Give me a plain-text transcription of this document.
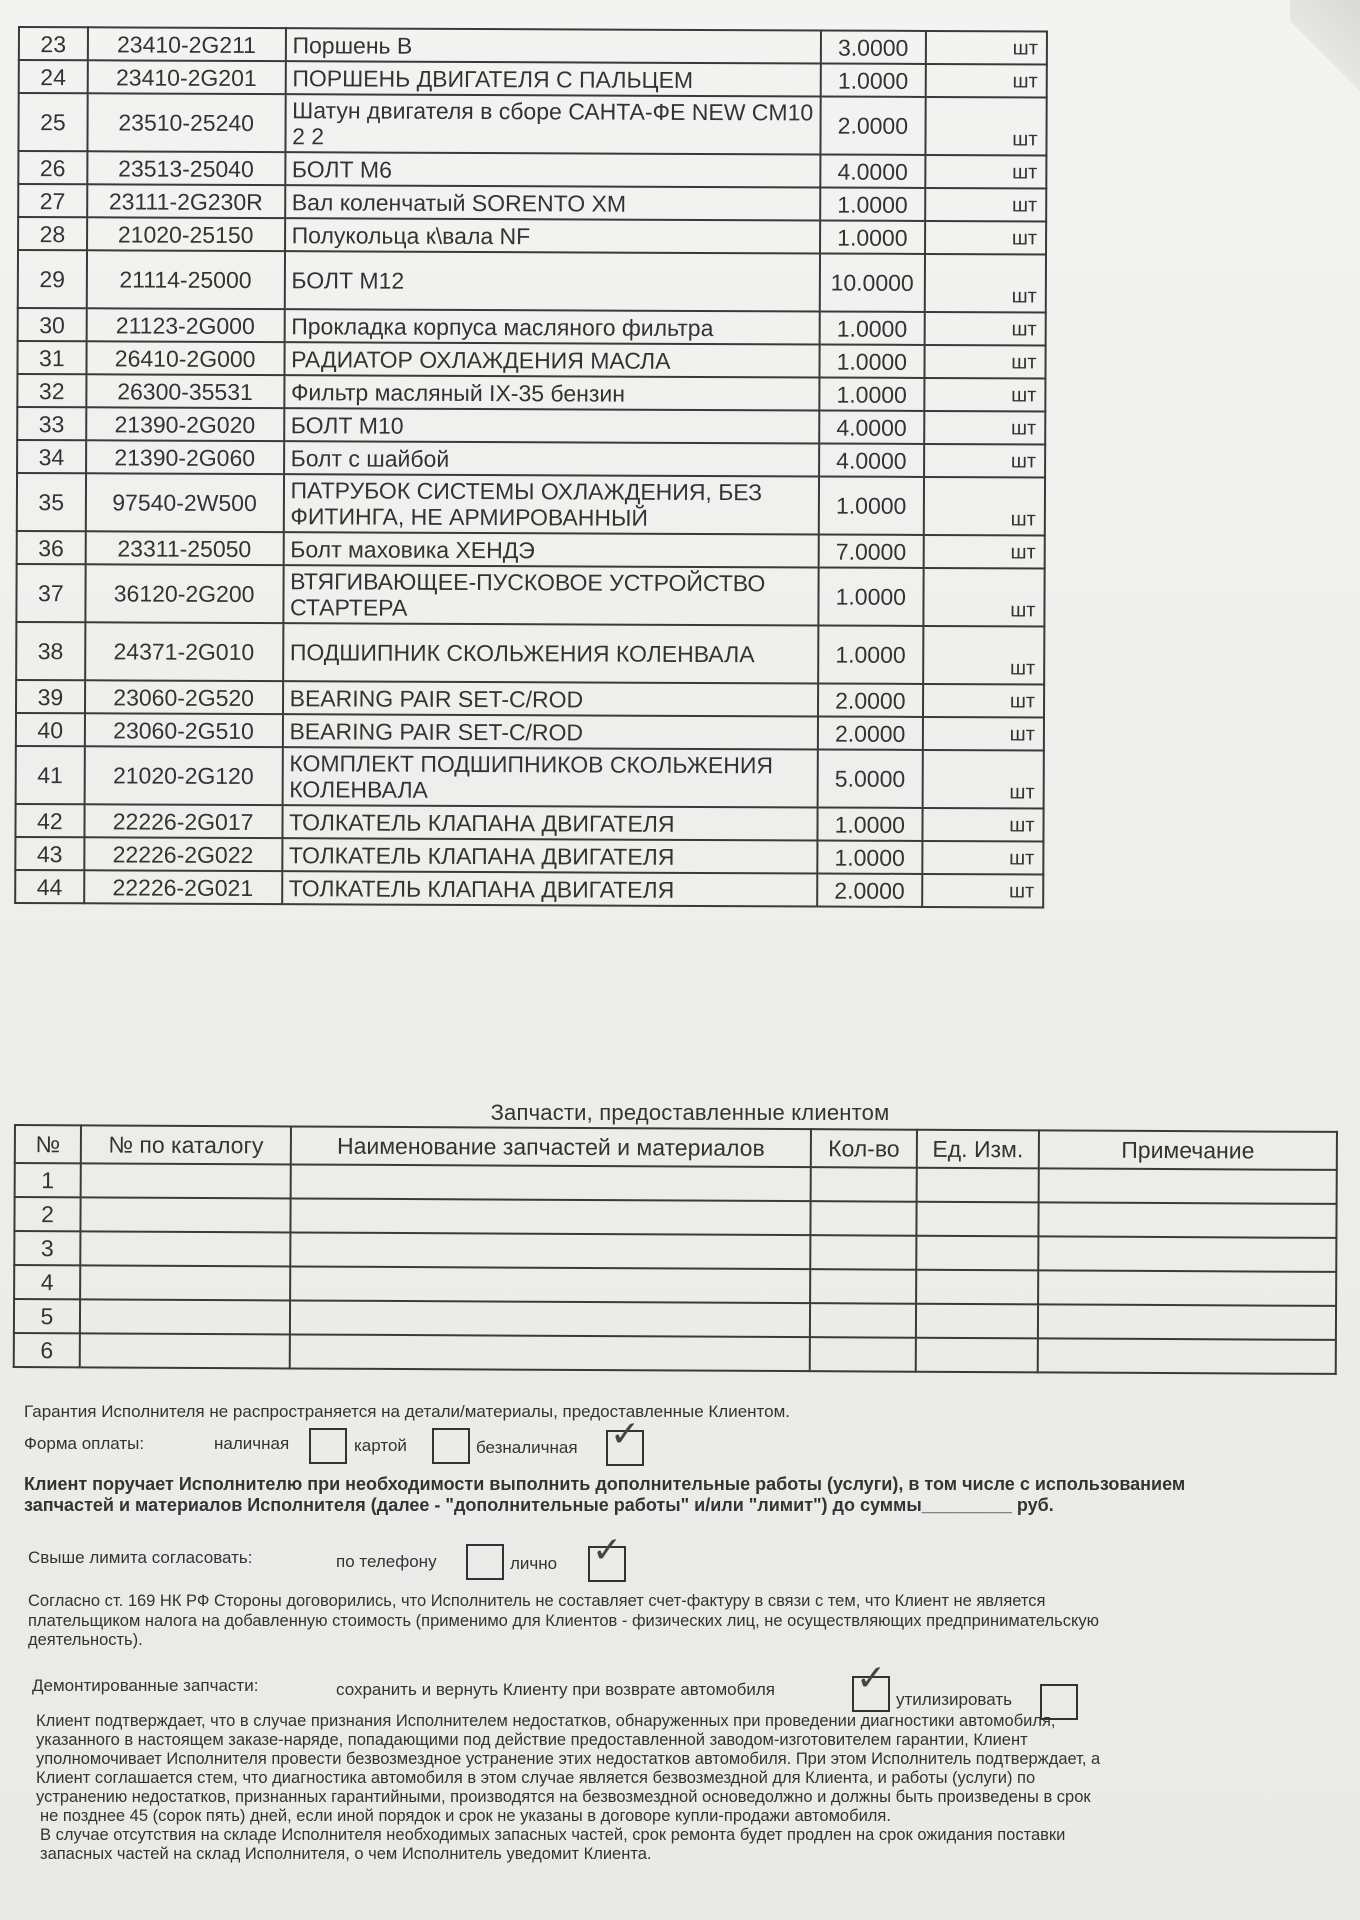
23	23410-2G211	Поршень В	3.0000	шт
24	23410-2G201	ПОРШЕНЬ ДВИГАТЕЛЯ С ПАЛЬЦЕМ	1.0000	шт
25	23510-25240	Шатун двигателя в сборе САНТА-ФЕ NEW CM10 2 2	2.0000	шт
26	23513-25040	БОЛТ М6	4.0000	шт
27	23111-2G230R	Вал коленчатый SORENTO XM	1.0000	шт
28	21020-25150	Полукольца к\вала NF	1.0000	шт
29	21114-25000	БОЛТ М12	10.0000	шт
30	21123-2G000	Прокладка корпуса масляного фильтра	1.0000	шт
31	26410-2G000	РАДИАТОР ОХЛАЖДЕНИЯ МАСЛА	1.0000	шт
32	26300-35531	Фильтр масляный IX-35 бензин	1.0000	шт
33	21390-2G020	БОЛТ М10	4.0000	шт
34	21390-2G060	Болт с шайбой	4.0000	шт
35	97540-2W500	ПАТРУБОК СИСТЕМЫ ОХЛАЖДЕНИЯ, БЕЗ ФИТИНГА, НЕ АРМИРОВАННЫЙ	1.0000	шт
36	23311-25050	Болт маховика ХЕНДЭ	7.0000	шт
37	36120-2G200	ВТЯГИВАЮЩЕЕ-ПУСКОВОЕ УСТРОЙСТВО СТАРТЕРА	1.0000	шт
38	24371-2G010	ПОДШИПНИК СКОЛЬЖЕНИЯ КОЛЕНВАЛА	1.0000	шт
39	23060-2G520	BEARING PAIR SET-C/ROD	2.0000	шт
40	23060-2G510	BEARING PAIR SET-C/ROD	2.0000	шт
41	21020-2G120	КОМПЛЕКТ ПОДШИПНИКОВ СКОЛЬЖЕНИЯ КОЛЕНВАЛА	5.0000	шт
42	22226-2G017	ТОЛКАТЕЛЬ КЛАПАНА ДВИГАТЕЛЯ	1.0000	шт
43	22226-2G022	ТОЛКАТЕЛЬ КЛАПАНА ДВИГАТЕЛЯ	1.0000	шт
44	22226-2G021	ТОЛКАТЕЛЬ КЛАПАНА ДВИГАТЕЛЯ	2.0000	шт
Запчасти, предоставленные клиентом
№	№ по каталогу	Наименование запчастей и материалов	Кол-во	Ед. Изм.	Примечание
1					
2					
3					
4					
5					
6					
Гарантия Исполнителя не распространяется на детали/материалы, предоставленные Клиентом.
Форма оплаты:	наличная	картой	безналичная ✓
Клиент поручает Исполнителю при необходимости выполнить дополнительные работы (услуги), в том числе с использованием
запчастей и материалов Исполнителя (далее - "дополнительные работы" и/или "лимит") до суммы_________ руб.
Свыше лимита согласовать:	по телефону	лично ✓
Согласно ст. 169 НК РФ Стороны договорились, что Исполнитель не составляет счет-фактуру в связи с тем, что Клиент не является
плательщиком налога на добавленную стоимость (применимо для Клиентов - физических лиц, не осуществляющих предпринимательскую
деятельность).
Демонтированные запчасти:	сохранить и вернуть Клиенту при возврате автомобиля ✓
утилизировать
Клиент подтверждает, что в случае признания Исполнителем недостатков, обнаруженных при проведении диагностики автомобиля,
указанного в настоящем заказе-наряде, попадающими под действие предоставленной заводом-изготовителем гарантии, Клиент
уполномочивает Исполнителя провести безвозмездное устранение этих недостатков автомобиля. При этом Исполнитель подтверждает, а
Клиент соглашается стем, что диагностика автомобиля в этом случае является безвозмездной для Клиента, и работы (услуги) по
устранению недостатков, признанных гарантийными, производятся на безвозмездной основедолжно и должны быть произведены в срок
не позднее 45 (сорок пять) дней, если иной порядок и срок не указаны в договоре купли-продажи автомобиля.
В случае отсутствия на складе Исполнителя необходимых запасных частей, срок ремонта будет продлен на срок ожидания поставки
запасных частей на склад Исполнителя, о чем Исполнитель уведомит Клиента.
